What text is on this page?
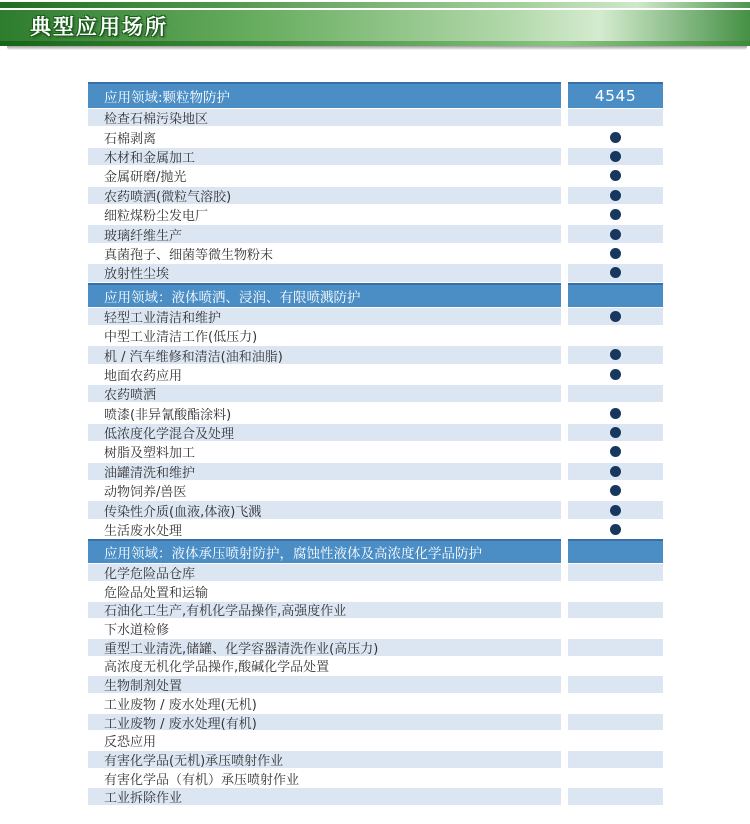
典型应用场所
应用领域:颗粒物防护	4545
检查石棉污染地区
石棉剥离
木材和金属加工
金属研磨/抛光
农药喷洒(微粒气溶胶)
细粒煤粉尘发电厂
玻璃纤维生产
真菌孢子、细菌等微生物粉末
放射性尘埃
应用领域：液体喷洒、浸润、有限喷溅防护
轻型工业清洁和维护
中型工业清洁工作(低压力)
机 / 汽车维修和清洁(油和油脂)
地面农药应用
农药喷洒
喷漆(非异氰酸酯涂料)
低浓度化学混合及处理
树脂及塑料加工
油罐清洗和维护
动物饲养/兽医
传染性介质(血液,体液)飞溅
生活废水处理
应用领域：液体承压喷射防护，腐蚀性液体及高浓度化学品防护
化学危险品仓库
危险品处置和运输
石油化工生产,有机化学品操作,高强度作业
下水道检修
重型工业清洗,储罐、化学容器清洗作业(高压力)
高浓度无机化学品操作,酸碱化学品处置
生物制剂处置
工业废物 / 废水处理(无机)
工业废物 / 废水处理(有机)
反恐应用
有害化学品(无机)承压喷射作业
有害化学品（有机）承压喷射作业
工业拆除作业
